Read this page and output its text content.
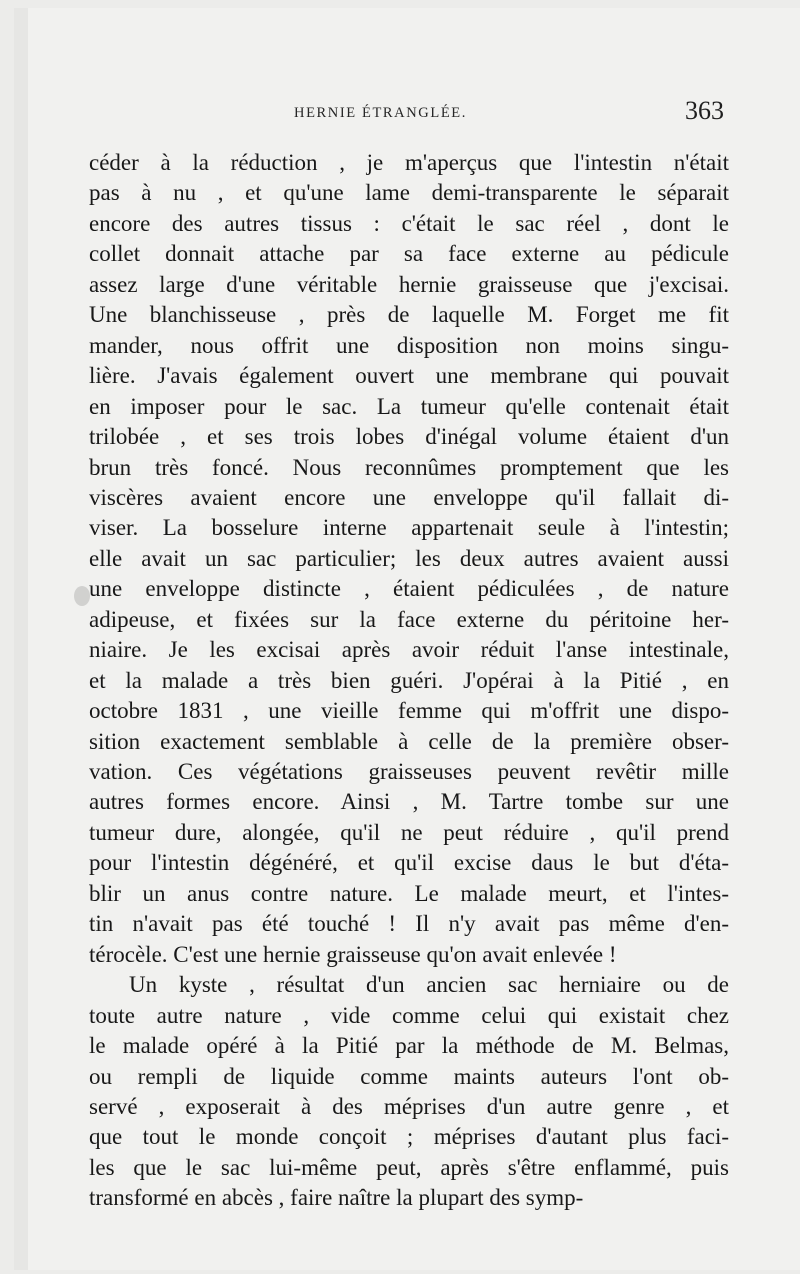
HERNIE ÉTRANGLÉE.	363
céder à la réduction , je m'aperçus que l'intestin n'était
pas à nu , et qu'une lame demi-transparente le séparait
encore des autres tissus : c'était le sac réel , dont le
collet donnait attache par sa face externe au pédicule
assez large d'une véritable hernie graisseuse que j'excisai.
Une blanchisseuse , près de laquelle M. Forget me fit
mander, nous offrit une disposition non moins singu-
lière. J'avais également ouvert une membrane qui pouvait
en imposer pour le sac. La tumeur qu'elle contenait était
trilobée , et ses trois lobes d'inégal volume étaient d'un
brun très foncé. Nous reconnûmes promptement que les
viscères avaient encore une enveloppe qu'il fallait di-
viser. La bosselure interne appartenait seule à l'intestin;
elle avait un sac particulier; les deux autres avaient aussi
une enveloppe distincte , étaient pédiculées , de nature
adipeuse, et fixées sur la face externe du péritoine her-
niaire. Je les excisai après avoir réduit l'anse intestinale,
et la malade a très bien guéri. J'opérai à la Pitié , en
octobre 1831 , une vieille femme qui m'offrit une dispo-
sition exactement semblable à celle de la première obser-
vation. Ces végétations graisseuses peuvent revêtir mille
autres formes encore. Ainsi , M. Tartre tombe sur une
tumeur dure, alongée, qu'il ne peut réduire , qu'il prend
pour l'intestin dégénéré, et qu'il excise daus le but d'éta-
blir un anus contre nature. Le malade meurt, et l'intes-
tin n'avait pas été touché ! Il n'y avait pas même d'en-
térocèle. C'est une hernie graisseuse qu'on avait enlevée !
Un kyste , résultat d'un ancien sac herniaire ou de
toute autre nature , vide comme celui qui existait chez
le malade opéré à la Pitié par la méthode de M. Belmas,
ou rempli de liquide comme maints auteurs l'ont ob-
servé , exposerait à des méprises d'un autre genre , et
que tout le monde conçoit ; méprises d'autant plus faci-
les que le sac lui-même peut, après s'être enflammé, puis
transformé en abcès , faire naître la plupart des symp-
